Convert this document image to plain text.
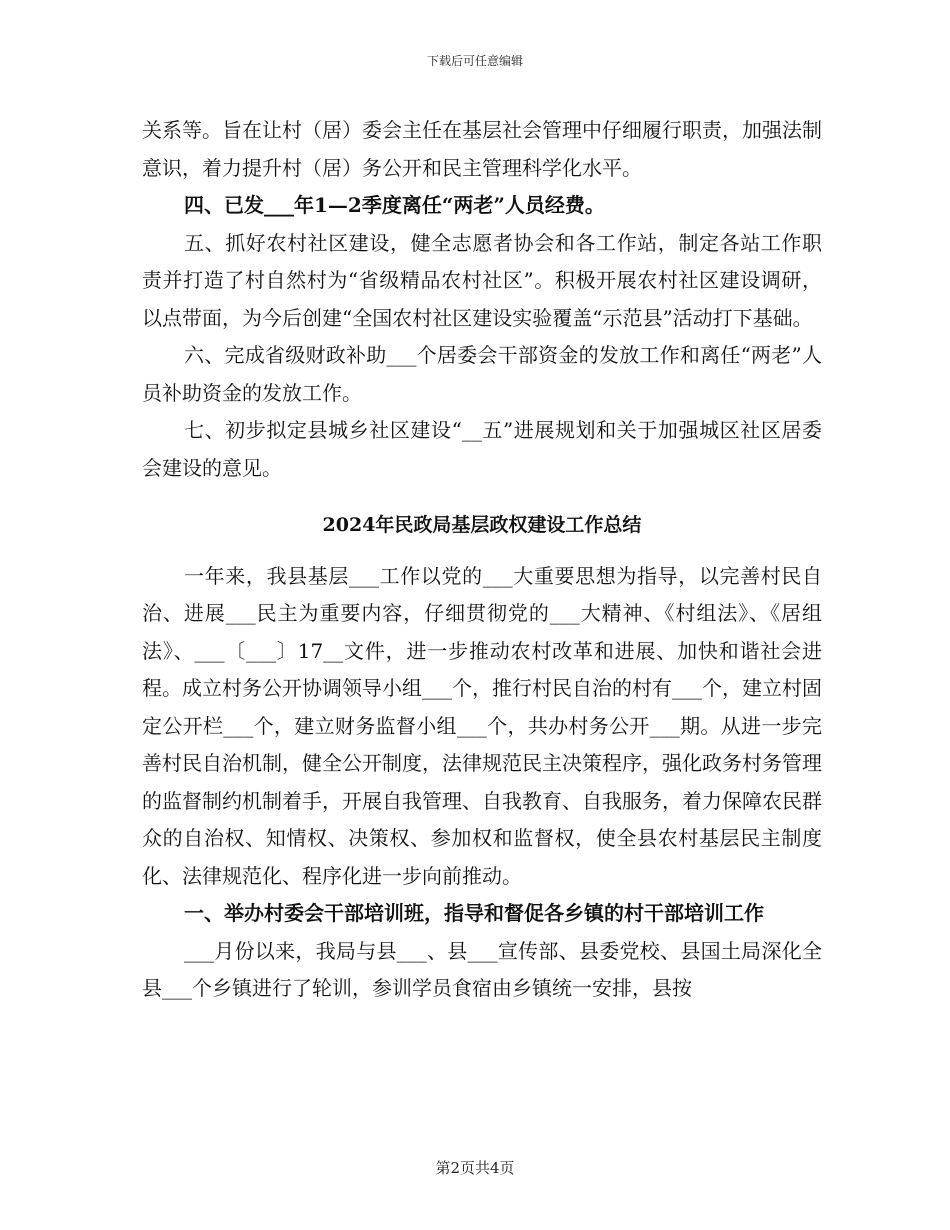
下载后可任意编辑

关系等。旨在让村（居）委会主任在基层社会管理中仔细履行职责，加强法制意识，着力提升村（居）务公开和民主管理科学化水平。

四、已发___年1—2季度离任“两老”人员经费。

五、抓好农村社区建设，健全志愿者协会和各工作站，制定各站工作职责并打造了村自然村为“省级精品农村社区”。积极开展农村社区建设调研，以点带面，为今后创建“全国农村社区建设实验覆盖“示范县”活动打下基础。

六、完成省级财政补助___个居委会干部资金的发放工作和离任“两老”人员补助资金的发放工作。

七、初步拟定县城乡社区建设“__五”进展规划和关于加强城区社区居委会建设的意见。

2024年民政局基层政权建设工作总结

一年来，我县基层___工作以党的___大重要思想为指导，以完善村民自治、进展___民主为重要内容，仔细贯彻党的___大精神、《村组法》、《居组法》、___〔___〕17__文件，进一步推动农村改革和进展、加快和谐社会进程。成立村务公开协调领导小组___个，推行村民自治的村有___个，建立村固定公开栏___个，建立财务监督小组___个，共办村务公开___期。从进一步完善村民自治机制，健全公开制度，法律规范民主决策程序，强化政务村务管理的监督制约机制着手，开展自我管理、自我教育、自我服务，着力保障农民群众的自治权、知情权、决策权、参加权和监督权，使全县农村基层民主制度化、法律规范化、程序化进一步向前推动。

一、举办村委会干部培训班，指导和督促各乡镇的村干部培训工作

___月份以来，我局与县___、县___宣传部、县委党校、县国土局深化全县___个乡镇进行了轮训，参训学员食宿由乡镇统一安排，县按

第2页共4页
